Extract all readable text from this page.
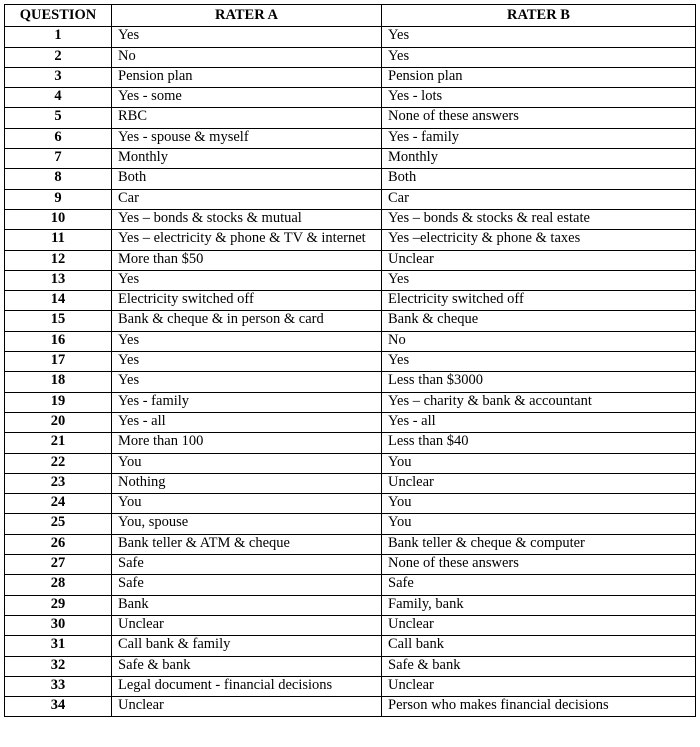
QUESTION	RATER A	RATER B
1	Yes	Yes
2	No	Yes
3	Pension plan	Pension plan
4	Yes - some	Yes - lots
5	RBC	None of these answers
6	Yes - spouse & myself	Yes - family
7	Monthly	Monthly
8	Both	Both
9	Car	Car
10	Yes – bonds & stocks & mutual	Yes – bonds & stocks & real estate
11	Yes – electricity & phone & TV & internet	Yes –electricity & phone & taxes
12	More than $50	Unclear
13	Yes	Yes
14	Electricity switched off	Electricity switched off
15	Bank & cheque & in person & card	Bank & cheque
16	Yes	No
17	Yes	Yes
18	Yes	Less than $3000
19	Yes - family	Yes – charity & bank & accountant
20	Yes - all	Yes - all
21	More than 100	Less than $40
22	You	You
23	Nothing	Unclear
24	You	You
25	You, spouse	You
26	Bank teller & ATM & cheque	Bank teller & cheque & computer
27	Safe	None of these answers
28	Safe	Safe
29	Bank	Family, bank
30	Unclear	Unclear
31	Call bank & family	Call bank
32	Safe & bank	Safe & bank
33	Legal document - financial decisions	Unclear
34	Unclear	Person who makes financial decisions
